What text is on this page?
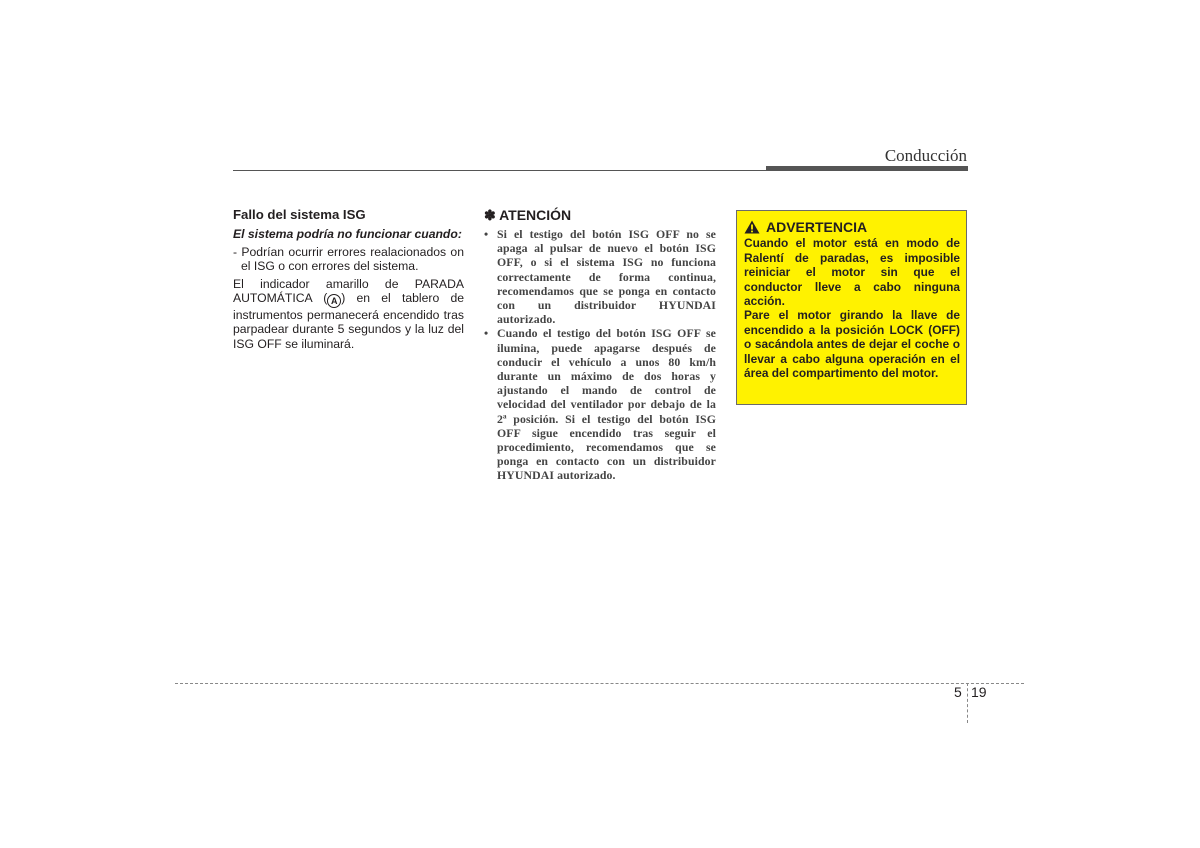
Conducción
Fallo del sistema ISG

El sistema podría no funcionar cuando:

- Podrían ocurrir errores realacionados on el ISG o con errores del sistema.

El indicador amarillo de PARADA AUTOMÁTICA ( A ) en el tablero de instrumentos permanecerá encendido tras parpadear durante 5 segundos y la luz del ISG OFF se iluminará.

✽ ATENCIÓN
• Si el testigo del botón ISG OFF no se apaga al pulsar de nuevo el botón ISG OFF, o si el sistema ISG no funciona correctamente de forma continua, recomendamos que se ponga en contacto con un distribuidor HYUNDAI autorizado.
• Cuando el testigo del botón ISG OFF se ilumina, puede apagarse después de conducir el vehículo a unos 80 km/h durante un máximo de dos horas y ajustando el mando de control de velocidad del ventilador por debajo de la 2ª posición. Si el testigo del botón ISG OFF sigue encendido tras seguir el procedimiento, recomendamos que se ponga en contacto con un distribuidor HYUNDAI autorizado.
ADVERTENCIA

Cuando el motor está en modo de Ralentí de paradas, es imposible reiniciar el motor sin que el conductor lleve a cabo ninguna acción.

Pare el motor girando la llave de encendido a la posición LOCK (OFF) o sacándola antes de dejar el coche o llevar a cabo alguna operación en el área del compartimento del motor.

5 19
